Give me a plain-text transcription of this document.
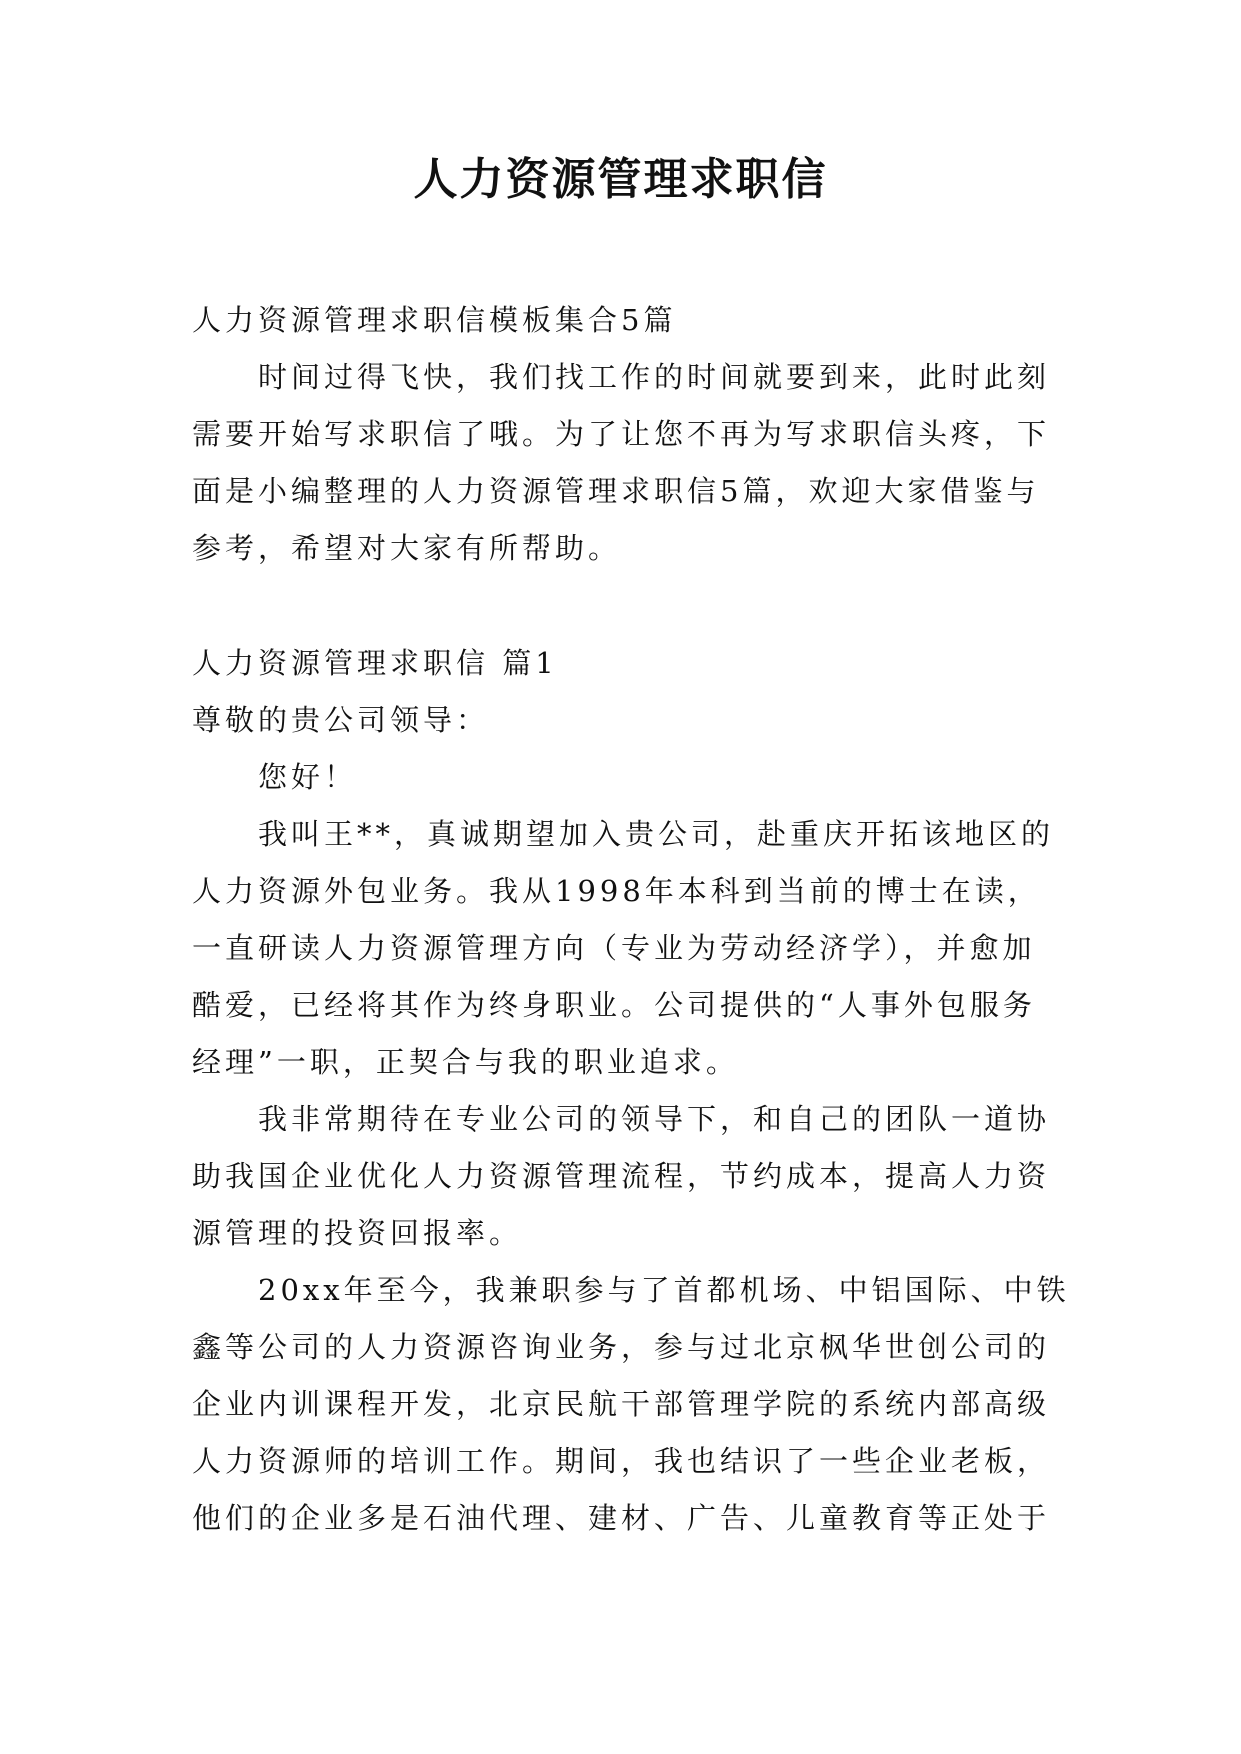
人力资源管理求职信
人力资源管理求职信模板集合5篇
时间过得飞快，我们找工作的时间就要到来，此时此刻
需要开始写求职信了哦。为了让您不再为写求职信头疼，下
面是小编整理的人力资源管理求职信5篇，欢迎大家借鉴与
参考，希望对大家有所帮助。
人力资源管理求职信 篇1
尊敬的贵公司领导：
您好！
我叫王**，真诚期望加入贵公司，赴重庆开拓该地区的
人力资源外包业务。我从1998年本科到当前的博士在读，
一直研读人力资源管理方向（专业为劳动经济学），并愈加
酷爱，已经将其作为终身职业。公司提供的“人事外包服务
经理”一职，正契合与我的职业追求。
我非常期待在专业公司的领导下，和自己的团队一道协
助我国企业优化人力资源管理流程，节约成本，提高人力资
源管理的投资回报率。
20xx年至今，我兼职参与了首都机场、中铝国际、中铁
鑫等公司的人力资源咨询业务，参与过北京枫华世创公司的
企业内训课程开发，北京民航干部管理学院的系统内部高级
人力资源师的培训工作。期间，我也结识了一些企业老板，
他们的企业多是石油代理、建材、广告、儿童教育等正处于
